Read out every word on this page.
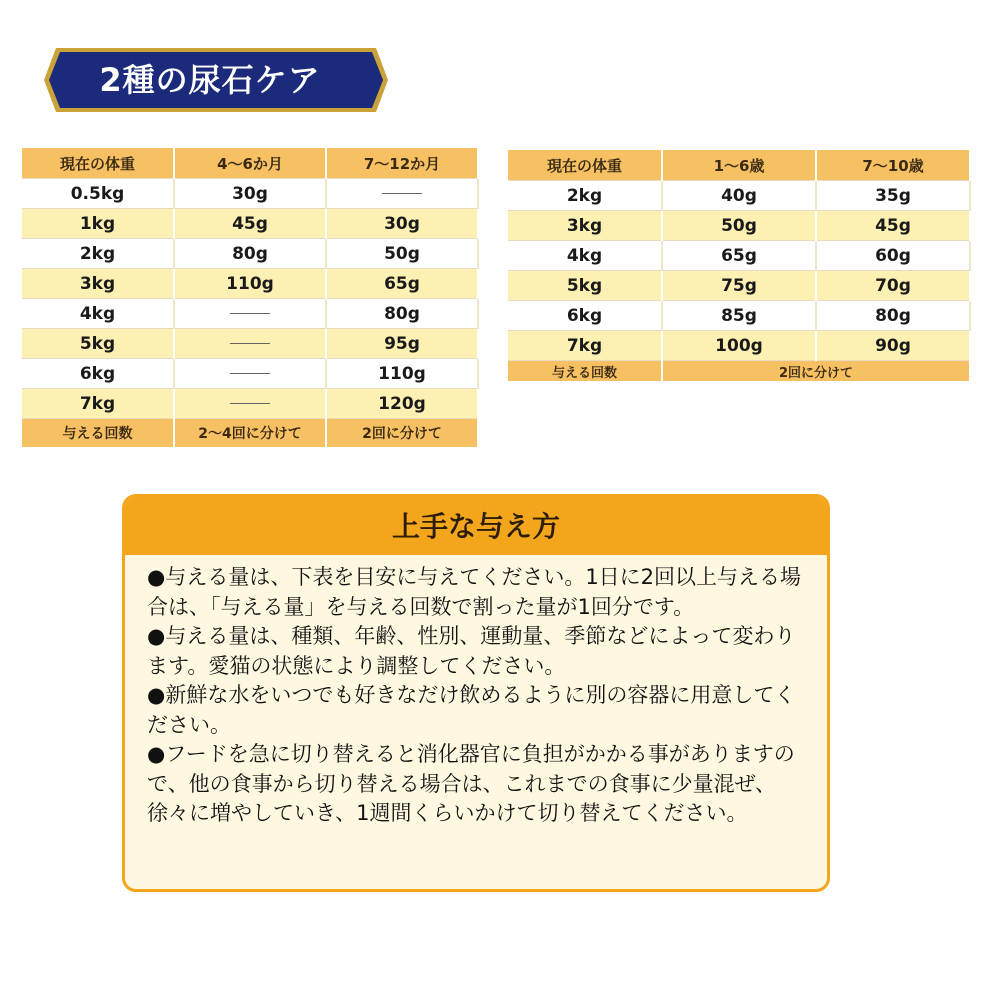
2種の尿石ケア
現在の体重	4～6か月	7～12か月
0.5kg	30g	
1kg	45g	30g
2kg	80g	50g
3kg	110g	65g
4kg		80g
5kg		95g
6kg		110g
7kg		120g
与える回数	2～4回に分けて	2回に分けて
現在の体重	1～6歳	7～10歳
2kg	40g	35g
3kg	50g	45g
4kg	65g	60g
5kg	75g	70g
6kg	85g	80g
7kg	100g	90g
与える回数	2回に分けて	
上手な与え方

●与える量は、下表を目安に与えてください。1日に2回以上与える場合は、「与える量」を与える回数で割った量が1回分です。

●与える量は、種類、年齢、性別、運動量、季節などによって変わります。愛猫の状態により調整してください。

●新鮮な水をいつでも好きなだけ飲めるように別の容器に用意してください。

●フードを急に切り替えると消化器官に負担がかかる事がありますので、他の食事から切り替える場合は、これまでの食事に少量混ぜ、徐々に増やしていき、1週間くらいかけて切り替えてください。
